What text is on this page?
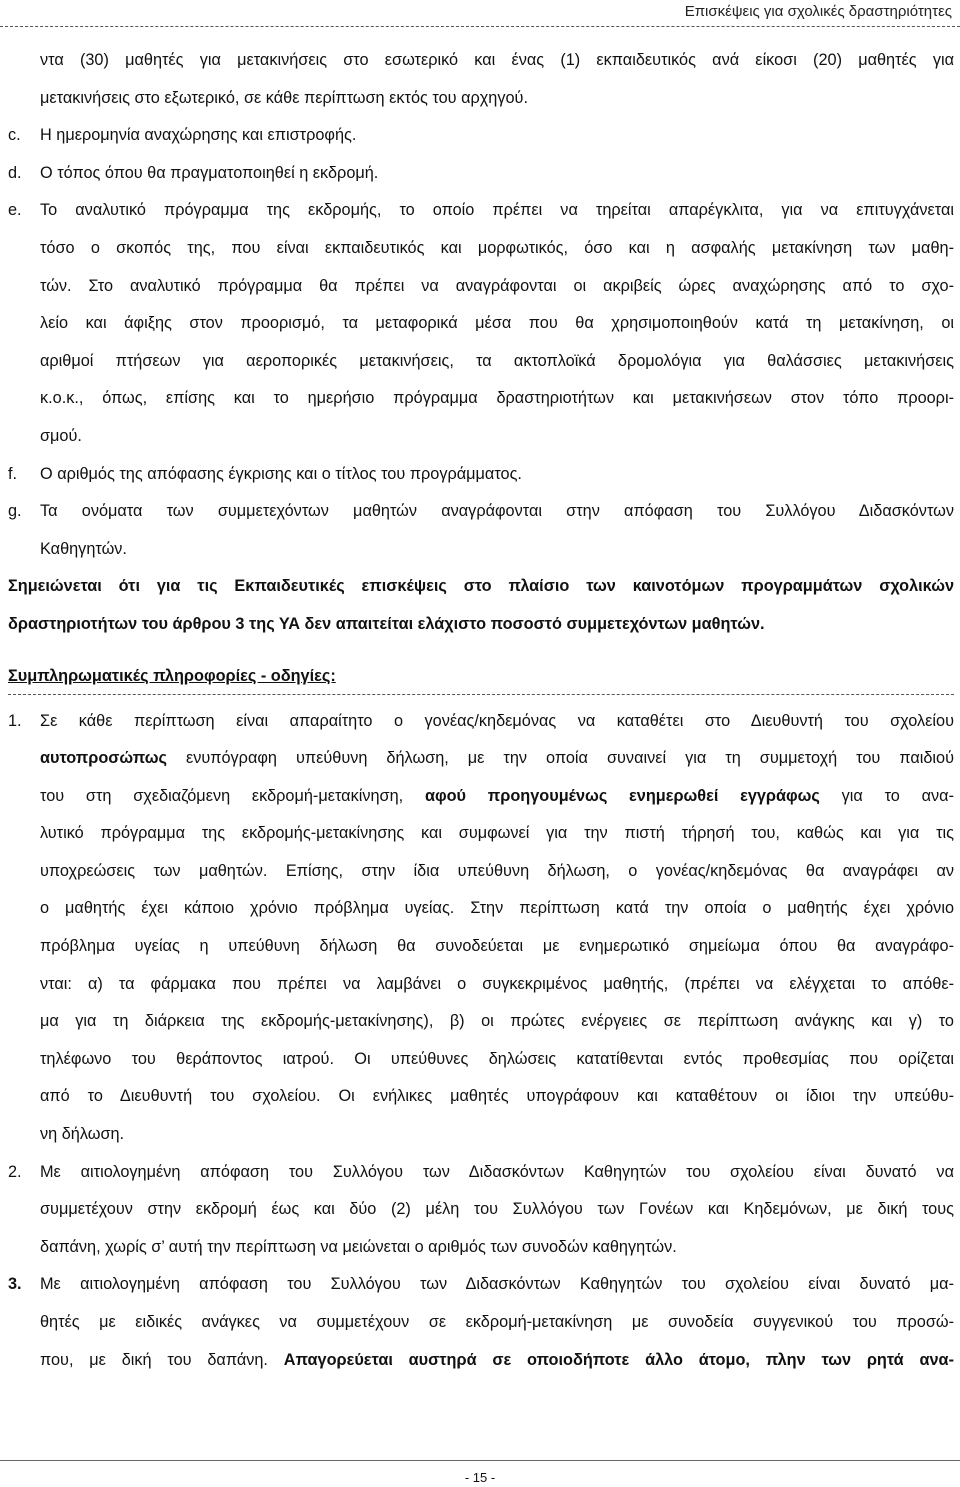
Επισκέψεις για σχολικές δραστηριότητες
ντα (30) μαθητές για μετακινήσεις στο εσωτερικό και ένας (1) εκπαιδευτικός ανά είκοσι (20) μαθητές για
μετακινήσεις στο εξωτερικό, σε κάθε περίπτωση εκτός του αρχηγού.
c.	Η ημερομηνία αναχώρησης και επιστροφής.
d.	Ο τόπος όπου θα πραγματοποιηθεί η εκδρομή.
e.	Το αναλυτικό πρόγραμμα της εκδρομής, το οποίο πρέπει να τηρείται απαρέγκλιτα, για να επιτυγχάνεται
τόσο ο σκοπός της, που είναι εκπαιδευτικός και μορφωτικός, όσο και η ασφαλής μετακίνηση των μαθη-
τών. Στο αναλυτικό πρόγραμμα θα πρέπει να αναγράφονται οι ακριβείς ώρες αναχώρησης από το σχο-
λείο και άφιξης στον προορισμό, τα μεταφορικά μέσα που θα χρησιμοποιηθούν κατά τη μετακίνηση, οι
αριθμοί πτήσεων για αεροπορικές μετακινήσεις, τα ακτοπλοϊκά δρομολόγια για θαλάσσιες μετακινήσεις
κ.ο.κ., όπως, επίσης και το ημερήσιο πρόγραμμα δραστηριοτήτων και μετακινήσεων στον τόπο προορι-
σμού.
f.	Ο αριθμός της απόφασης έγκρισης και ο τίτλος του προγράμματος.
g.	Τα ονόματα των συμμετεχόντων μαθητών αναγράφονται στην απόφαση του Συλλόγου Διδασκόντων
Καθηγητών.
Σημειώνεται ότι για τις Εκπαιδευτικές επισκέψεις στο πλαίσιο των καινοτόμων προγραμμάτων σχολικών
δραστηριοτήτων του άρθρου 3 της ΥΑ δεν απαιτείται ελάχιστο ποσοστό συμμετεχόντων μαθητών.
Συμπληρωματικές πληροφορίες - οδηγίες:
1.	Σε κάθε περίπτωση είναι απαραίτητο ο γονέας/κηδεμόνας να καταθέτει στο Διευθυντή του σχολείου
αυτοπροσώπως ενυπόγραφη υπεύθυνη δήλωση, με την οποία συναινεί για τη συμμετοχή του παιδιού
του στη σχεδιαζόμενη εκδρομή-μετακίνηση, αφού προηγουμένως ενημερωθεί εγγράφως για το ανα-
λυτικό πρόγραμμα της εκδρομής-μετακίνησης και συμφωνεί για την πιστή τήρησή του, καθώς και για τις
υποχρεώσεις των μαθητών. Επίσης, στην ίδια υπεύθυνη δήλωση, ο γονέας/κηδεμόνας θα αναγράφει αν
ο μαθητής έχει κάποιο χρόνιο πρόβλημα υγείας. Στην περίπτωση κατά την οποία ο μαθητής έχει χρόνιο
πρόβλημα υγείας η υπεύθυνη δήλωση θα συνοδεύεται με ενημερωτικό σημείωμα όπου θα αναγράφο-
νται: α) τα φάρμακα που πρέπει να λαμβάνει ο συγκεκριμένος μαθητής, (πρέπει να ελέγχεται το απόθε-
μα για τη διάρκεια της εκδρομής-μετακίνησης), β) οι πρώτες ενέργειες σε περίπτωση ανάγκης και γ) το
τηλέφωνο του θεράποντος ιατρού. Οι υπεύθυνες δηλώσεις κατατίθενται εντός προθεσμίας που ορίζεται
από το Διευθυντή του σχολείου. Οι ενήλικες μαθητές υπογράφουν και καταθέτουν οι ίδιοι την υπεύθυ-
νη δήλωση.
2.	Με αιτιολογημένη απόφαση του Συλλόγου των Διδασκόντων Καθηγητών του σχολείου είναι δυνατό να
συμμετέχουν στην εκδρομή έως και δύο (2) μέλη του Συλλόγου των Γονέων και Κηδεμόνων, με δική τους
δαπάνη, χωρίς σ’ αυτή την περίπτωση να μειώνεται ο αριθμός των συνοδών καθηγητών.
3.	Με αιτιολογημένη απόφαση του Συλλόγου των Διδασκόντων Καθηγητών του σχολείου είναι δυνατό μα-
θητές με ειδικές ανάγκες να συμμετέχουν σε εκδρομή-μετακίνηση με συνοδεία συγγενικού του προσώ-
που, με δική του δαπάνη. Απαγορεύεται αυστηρά σε οποιοδήποτε άλλο άτομο, πλην των ρητά ανα-
- 15 -
